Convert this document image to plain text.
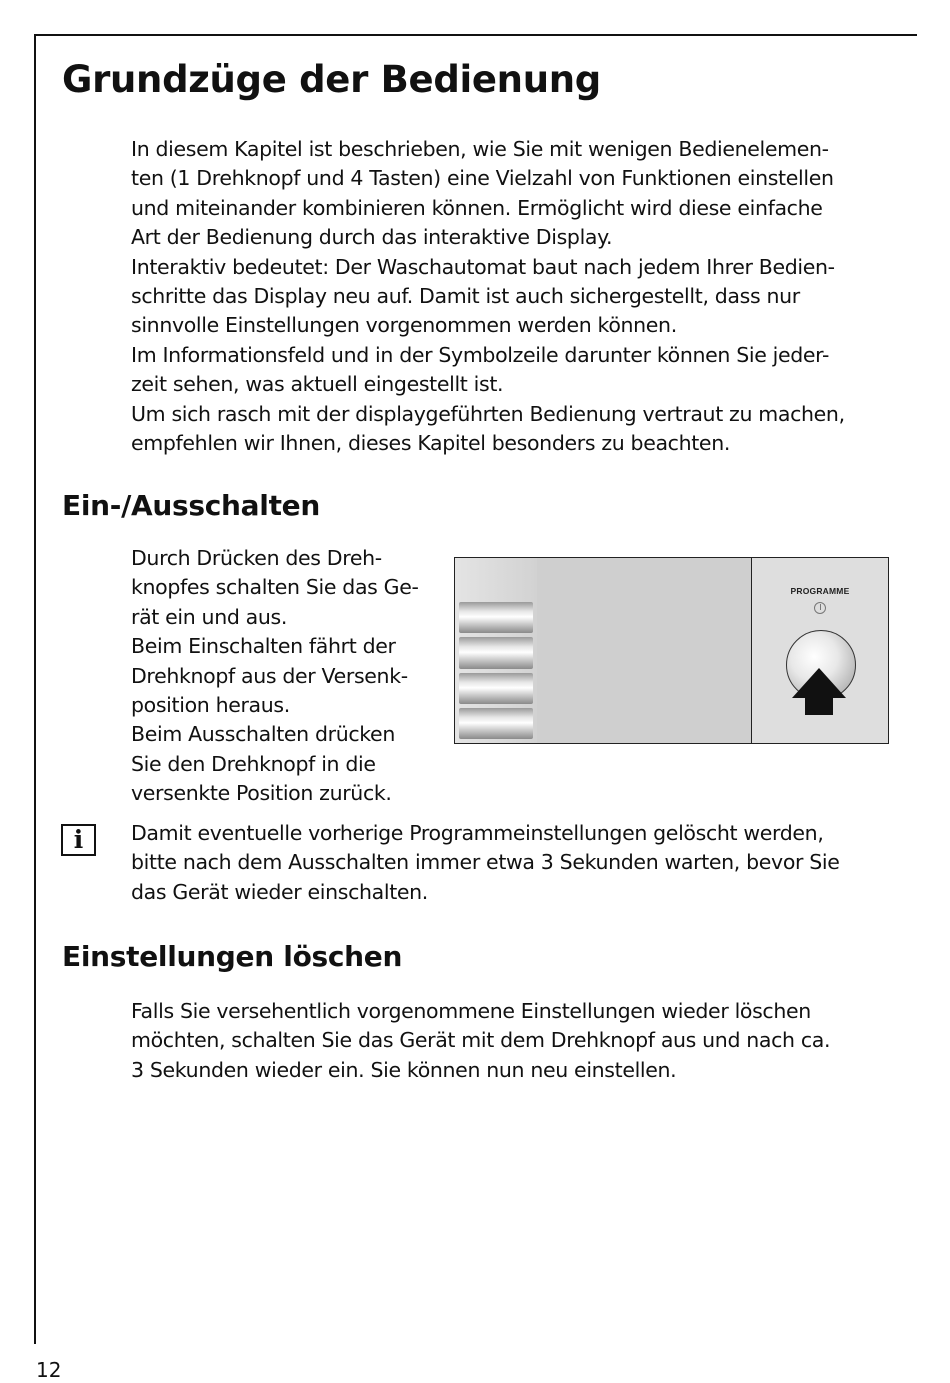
Grundzüge der Bedienung
In diesem Kapitel ist beschrieben, wie Sie mit wenigen Bedienelemen-
ten (1 Drehknopf und 4 Tasten) eine Vielzahl von Funktionen einstellen
und miteinander kombinieren können. Ermöglicht wird diese einfache
Art der Bedienung durch das interaktive Display.
Interaktiv bedeutet: Der Waschautomat baut nach jedem Ihrer Bedien-
schritte das Display neu auf. Damit ist auch sichergestellt, dass nur
sinnvolle Einstellungen vorgenommen werden können.
Im Informationsfeld und in der Symbolzeile darunter können Sie jeder-
zeit sehen, was aktuell eingestellt ist.
Um sich rasch mit der displaygeführten Bedienung vertraut zu machen,
empfehlen wir Ihnen, dieses Kapitel besonders zu beachten.
Ein-/Ausschalten
Durch Drücken des Dreh-
knopfes schalten Sie das Ge-
rät ein und aus.
Beim Einschalten fährt der
Drehknopf aus der Versenk-
position heraus.
Beim Ausschalten drücken
Sie den Drehknopf in die
versenkte Position zurück.
PROGRAMME
i	Damit eventuelle vorherige Programmeinstellungen gelöscht werden,
bitte nach dem Ausschalten immer etwa 3 Sekunden warten, bevor Sie
das Gerät wieder einschalten.
Einstellungen löschen
Falls Sie versehentlich vorgenommene Einstellungen wieder löschen
möchten, schalten Sie das Gerät mit dem Drehknopf aus und nach ca.
3 Sekunden wieder ein. Sie können nun neu einstellen.
12
